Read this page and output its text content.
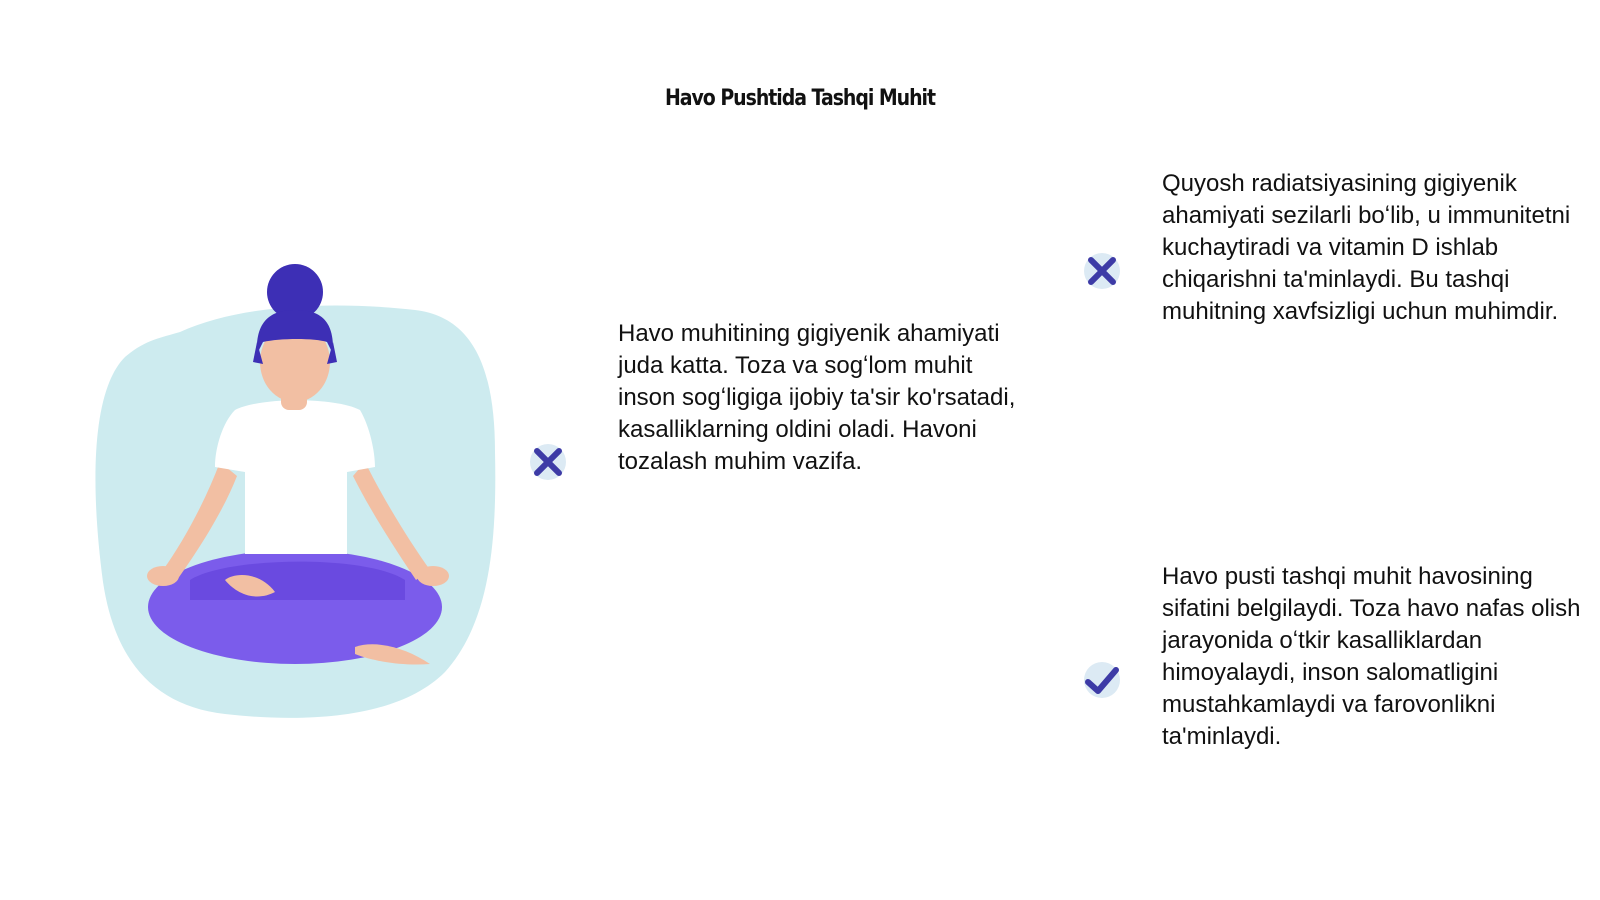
Havo Pushtida Tashqi Muhit
Havo muhitining gigiyenik ahamiyati juda katta. Toza va sogʻlom muhit inson sogʻligiga ijobiy ta'sir ko'rsatadi, kasalliklarning oldini oladi. Havoni tozalash muhim vazifa.
Quyosh radiatsiyasining gigiyenik ahamiyati sezilarli boʻlib, u immunitetni kuchaytiradi va vitamin D ishlab chiqarishni ta'minlaydi. Bu tashqi muhitning xavfsizligi uchun muhimdir.
Havo pusti tashqi muhit havosining sifatini belgilaydi. Toza havo nafas olish jarayonida oʻtkir kasalliklardan himoyalaydi, inson salomatligini mustahkamlaydi va farovonlikni ta'minlaydi.
